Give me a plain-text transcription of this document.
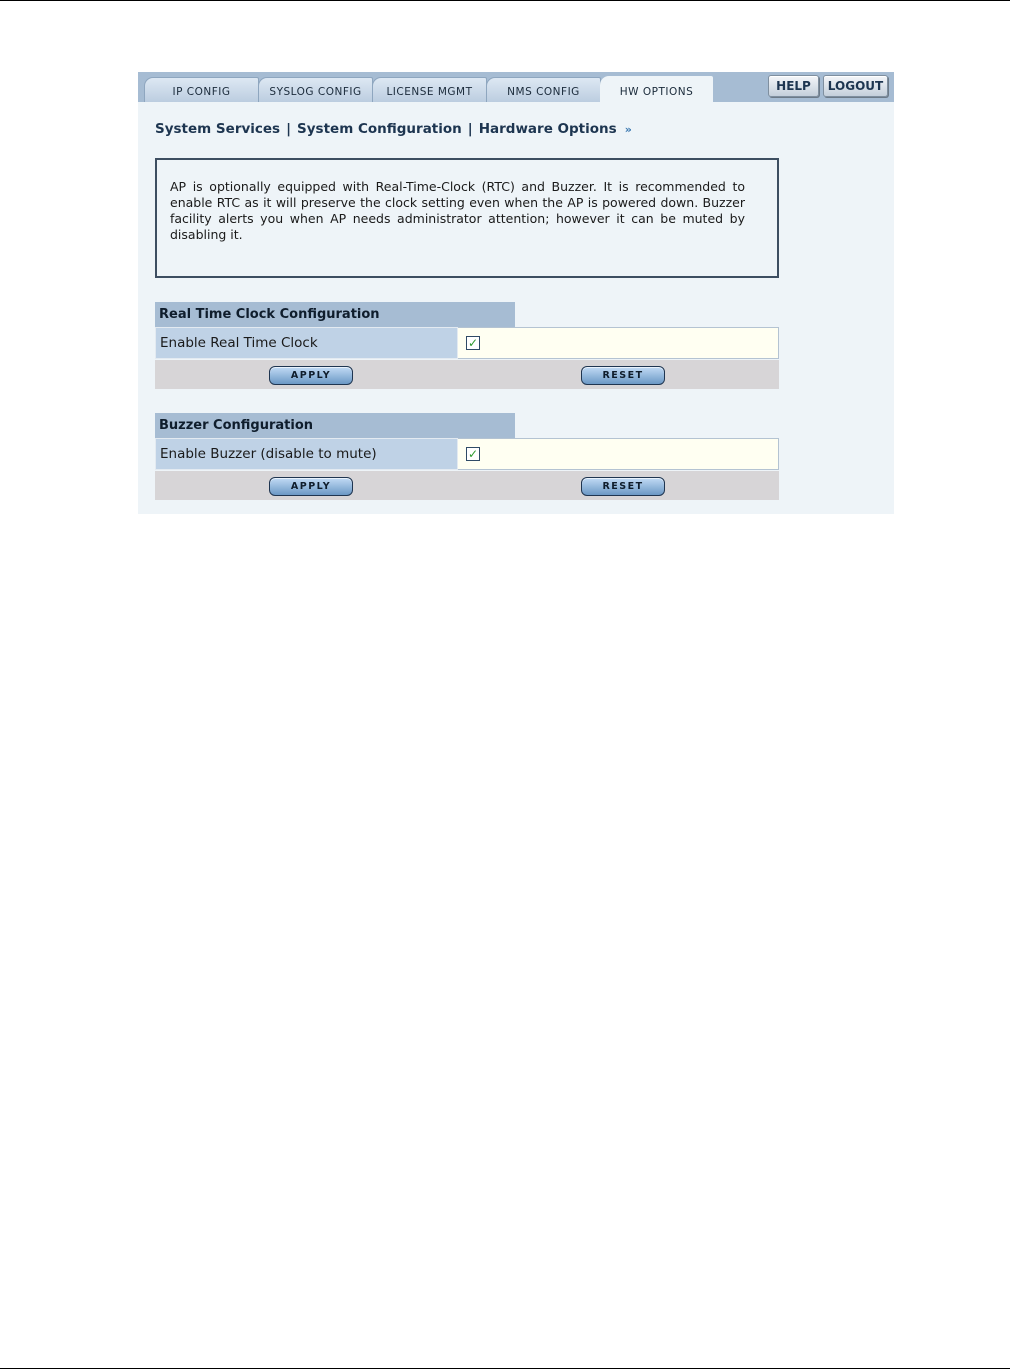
IP CONFIG	SYSLOG CONFIG	LICENSE MGMT	NMS CONFIG	HW OPTIONS	HELP	LOGOUT
System Services | System Configuration | Hardware Options »
AP is optionally equipped with Real-Time-Clock (RTC) and Buzzer. It is recommended to enable RTC as it will preserve the clock setting even when the AP is powered down. Buzzer facility alerts you when AP needs administrator attention; however it can be muted by disabling it.
Real Time Clock Configuration
Enable Real Time Clock	✓
APPLY	RESET
Buzzer Configuration
Enable Buzzer (disable to mute)	✓
APPLY	RESET
